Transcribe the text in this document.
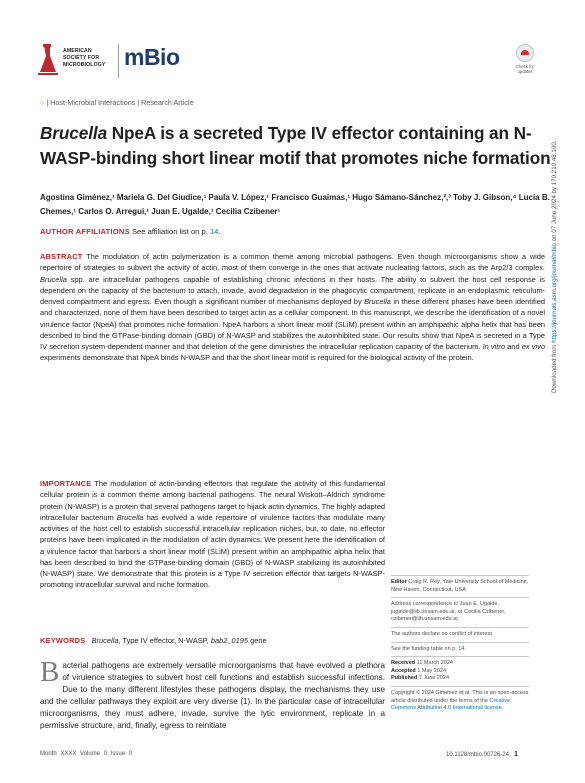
AMERICAN
SOCIETY FOR
MICROBIOLOGY mBio	Check for
updates
○ | Host-Microbial Interactions | Research Article
Brucella NpeA is a secreted Type IV effector containing an N-WASP-binding short linear motif that promotes niche formation
Agostina Giménez,¹ Mariela G. Del Giudice,¹ Paula V. López,¹ Francisco Guaimas,¹ Hugo Sámano-Sánchez,²,³ Toby J. Gibson,⁴ Lucía B. Chemes,¹ Carlos O. Arregui,¹ Juan E. Ugalde,¹ Cecilia Czibener¹
AUTHOR AFFILIATIONS See affiliation list on p. 14.
ABSTRACT The modulation of actin polymerization is a common theme among microbial pathogens. Even though microorganisms show a wide repertoire of strategies to subvert the activity of actin, most of them converge in the ones that activate nucleating factors, such as the Arp2/3 complex. Brucella spp. are intracellular pathogens capable of establishing chronic infections in their hosts. The ability to subvert the host cell response is dependent on the capacity of the bacterium to attach, invade, avoid degradation in the phagocytic compartment, replicate in an endoplasmic reticulum-derived compartment and egress. Even though a significant number of mechanisms deployed by Brucella in these different phases have been identified and characterized, none of them have been described to target actin as a cellular component. In this manuscript, we describe the identification of a novel virulence factor (NpeA) that promotes niche formation. NpeA harbors a short linear motif (SLiM) present within an amphipathic alpha helix that has been described to bind the GTPase-binding domain (GBD) of N-WASP and stabilizes the autoinhibited state. Our results show that NpeA is secreted in a Type IV secretion system-dependent manner and that deletion of the gene diminishes the intracellular replication capacity of the bacterium. In vitro and ex vivo experiments demonstrate that NpeA binds N-WASP and that the short linear motif is required for the biological activity of the protein.
IMPORTANCE The modulation of actin-binding effectors that regulate the activity of this fundamental cellular protein is a common theme among bacterial pathogens. The neural Wiskott–Aldrich syndrome protein (N-WASP) is a protein that several pathogens target to hijack actin dynamics. The highly adapted intracellular bacterium Brucella has evolved a wide repertoire of virulence factors that modulate many activities of the host cell to establish successful intracellular replication niches, but, to date, no effector proteins have been implicated in the modulation of actin dynamics. We present here the identification of a virulence factor that harbors a short linear motif (SLiM) present within an amphipathic alpha helix that has been described to bind the GTPase-binding domain (GBD) of N-WASP stabilizing its autoinhibited (N-WASP) state. We demonstrate that this protein is a Type IV secretion effector that targets N-WASP-promoting intracellular survival and niche formation.
KEYWORDS Brucella, Type IV effector, N-WASP, bab2_0195 gene
Bacterial pathogens are extremely versatile microorganisms that have evolved a plethora of virulence strategies to subvert host cell functions and establish successful infections. Due to the many different lifestyles these pathogens display, the mechanisms they use and the cellular pathways they exploit are very diverse (1). In the particular case of intracellular microorganisms, they must adhere, invade, survive the lytic environment, replicate in a permissive structure, and, finally, egress to reinitiate
Editor Craig R. Roy, Yale University School of Medicine, New Haven, Connecticut, USA
Address correspondence to Juan E. Ugalde, jugalde@iib.unsam.edu.ar, or Cecilia Czibener, czibener@iib.unsam.edu.ar.
The authors declare no conflict of interest.
See the funding table on p. 14.
Received 11 March 2024
Accepted 1 May 2024
Published 7 June 2024
Copyright © 2024 Giménez et al. This is an open-access article distributed under the terms of the Creative Commons Attribution 4.0 International license.
Month XXXX Volume 0 Issue 0	10.1128/mbio.00726-24 1
Downloaded from https://journals.asm.org/journal/mbio on 07 June 2024 by 170.210.48.100.
